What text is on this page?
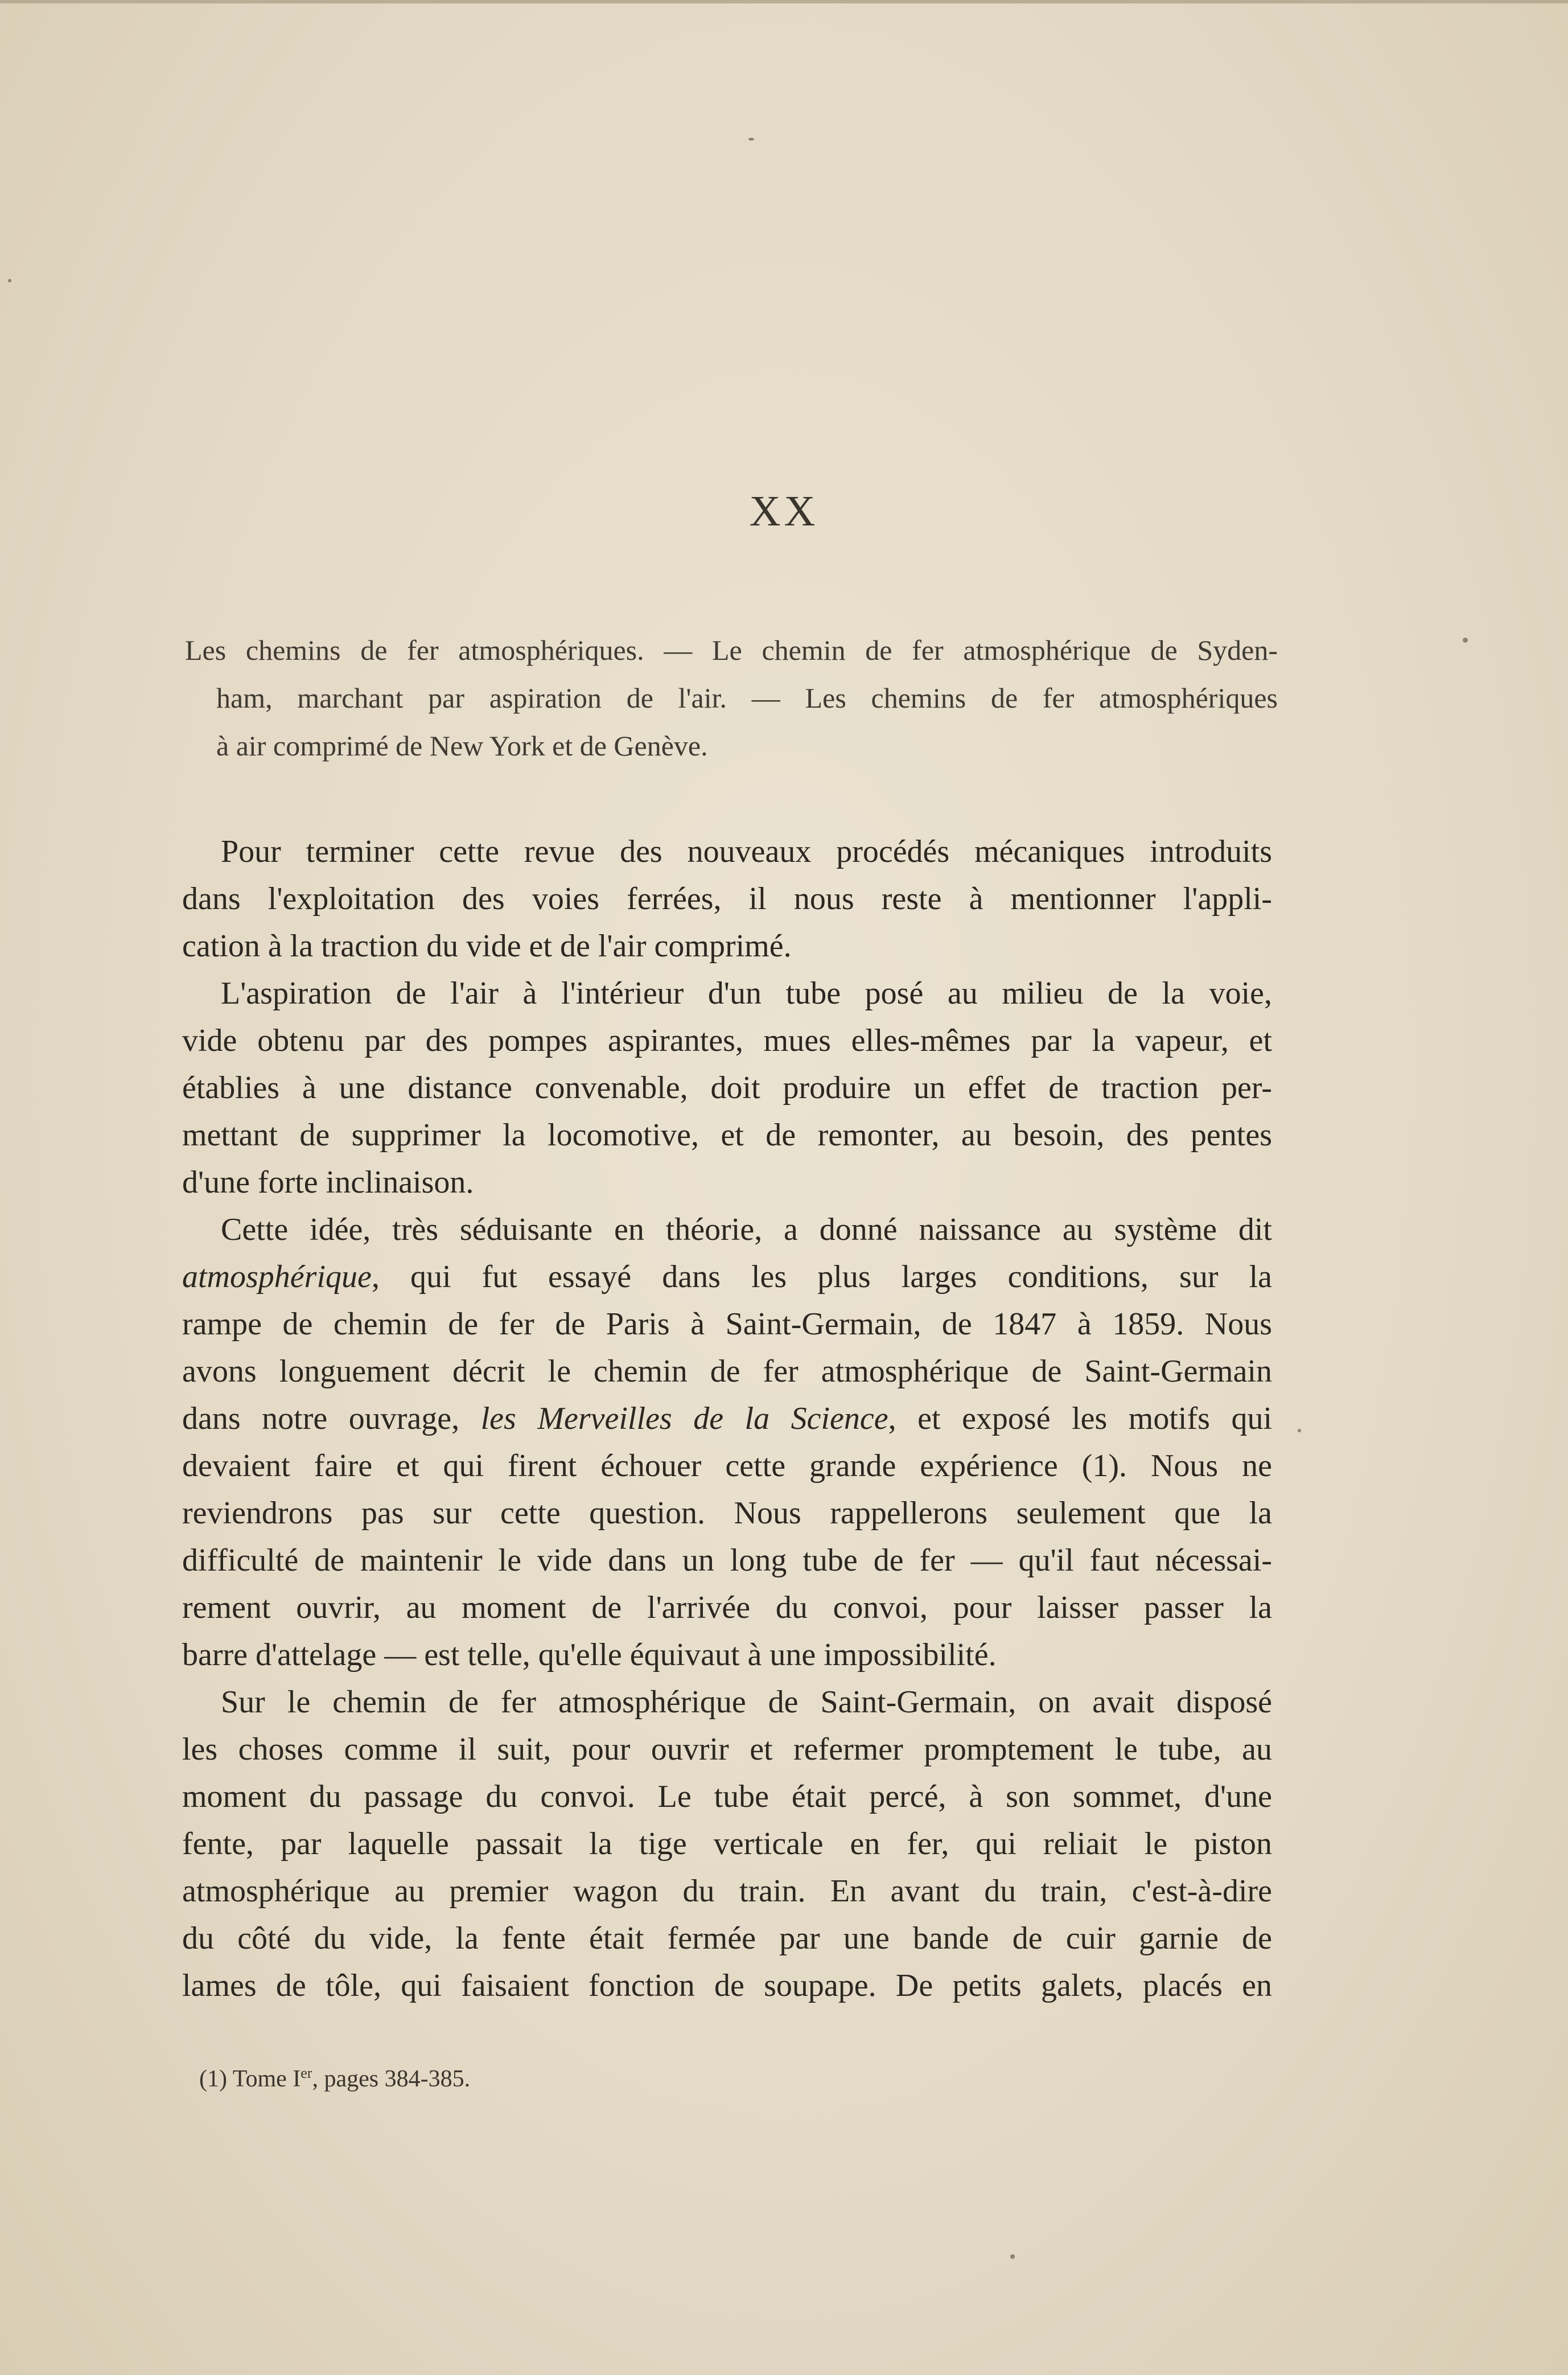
XX
Les chemins de fer atmosphériques. — Le chemin de fer atmosphérique de Syden-
ham, marchant par aspiration de l'air. — Les chemins de fer atmosphériques
à air comprimé de New York et de Genève.
Pour terminer cette revue des nouveaux procédés mécaniques introduits
dans l'exploitation des voies ferrées, il nous reste à mentionner l'appli-
cation à la traction du vide et de l'air comprimé.
L'aspiration de l'air à l'intérieur d'un tube posé au milieu de la voie,
vide obtenu par des pompes aspirantes, mues elles-mêmes par la vapeur, et
établies à une distance convenable, doit produire un effet de traction per-
mettant de supprimer la locomotive, et de remonter, au besoin, des pentes
d'une forte inclinaison.
Cette idée, très séduisante en théorie, a donné naissance au système dit
atmosphérique, qui fut essayé dans les plus larges conditions, sur la
rampe de chemin de fer de Paris à Saint-Germain, de 1847 à 1859. Nous
avons longuement décrit le chemin de fer atmosphérique de Saint-Germain
dans notre ouvrage, les Merveilles de la Science, et exposé les motifs qui
devaient faire et qui firent échouer cette grande expérience (1). Nous ne
reviendrons pas sur cette question. Nous rappellerons seulement que la
difficulté de maintenir le vide dans un long tube de fer — qu'il faut nécessai-
rement ouvrir, au moment de l'arrivée du convoi, pour laisser passer la
barre d'attelage — est telle, qu'elle équivaut à une impossibilité.
Sur le chemin de fer atmosphérique de Saint-Germain, on avait disposé
les choses comme il suit, pour ouvrir et refermer promptement le tube, au
moment du passage du convoi. Le tube était percé, à son sommet, d'une
fente, par laquelle passait la tige verticale en fer, qui reliait le piston
atmosphérique au premier wagon du train. En avant du train, c'est-à-dire
du côté du vide, la fente était fermée par une bande de cuir garnie de
lames de tôle, qui faisaient fonction de soupape. De petits galets, placés en
(1) Tome Ier, pages 384-385.
